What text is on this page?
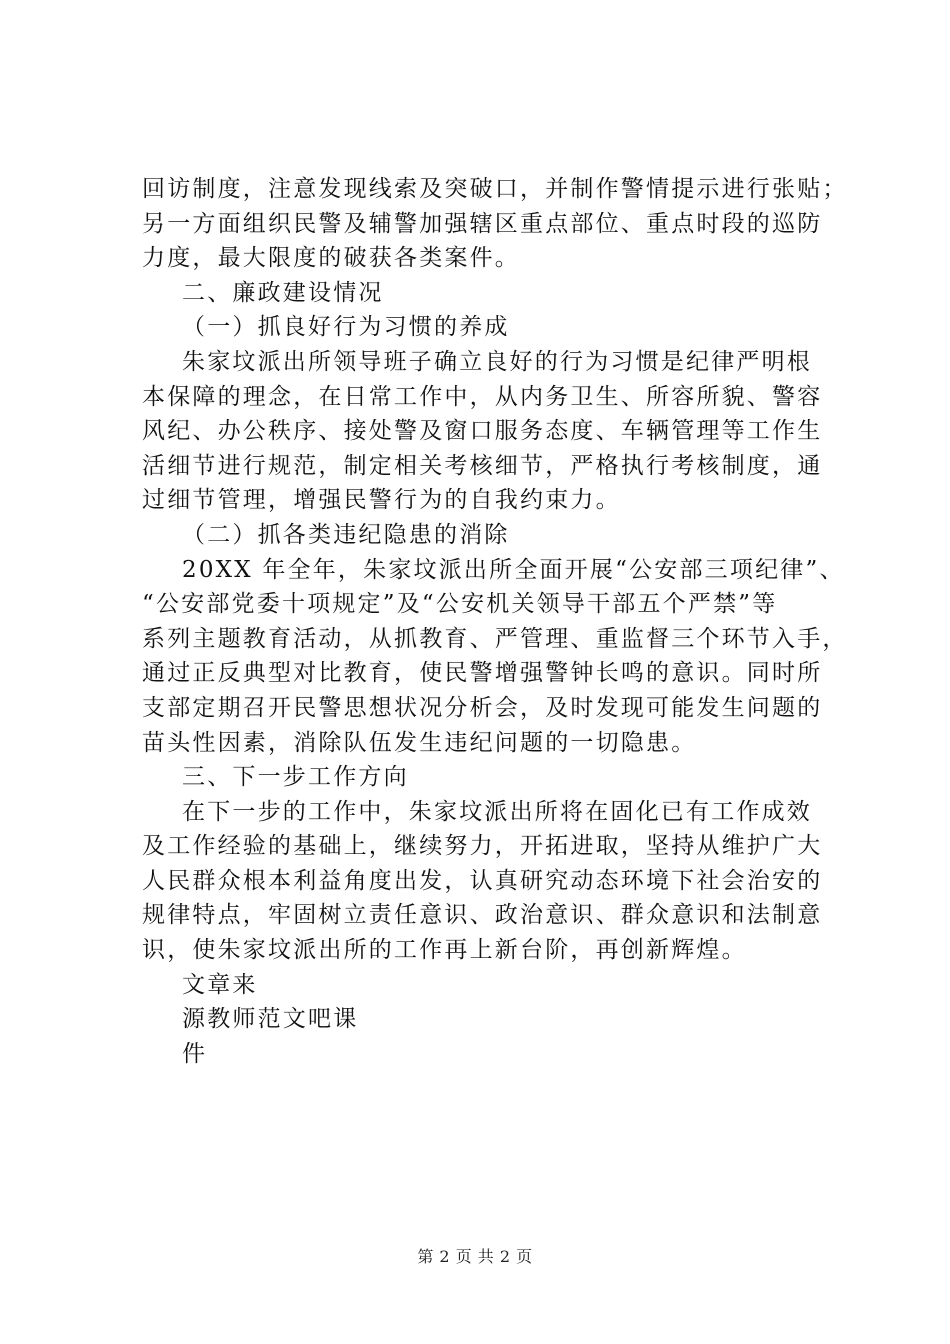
回访制度，注意发现线索及突破口，并制作警情提示进行张贴；
另一方面组织民警及辅警加强辖区重点部位、重点时段的巡防
力度，最大限度的破获各类案件。
二、廉政建设情况
（一）抓良好行为习惯的养成
朱家坟派出所领导班子确立良好的行为习惯是纪律严明根
本保障的理念，在日常工作中，从内务卫生、所容所貌、警容
风纪、办公秩序、接处警及窗口服务态度、车辆管理等工作生
活细节进行规范，制定相关考核细节，严格执行考核制度，通
过细节管理，增强民警行为的自我约束力。
（二）抓各类违纪隐患的消除
20XX 年全年，朱家坟派出所全面开展“公安部三项纪律”、
“公安部党委十项规定”及“公安机关领导干部五个严禁”等
系列主题教育活动，从抓教育、严管理、重监督三个环节入手，
通过正反典型对比教育，使民警增强警钟长鸣的意识。同时所
支部定期召开民警思想状况分析会，及时发现可能发生问题的
苗头性因素，消除队伍发生违纪问题的一切隐患。
三、下一步工作方向
在下一步的工作中，朱家坟派出所将在固化已有工作成效
及工作经验的基础上，继续努力，开拓进取，坚持从维护广大
人民群众根本利益角度出发，认真研究动态环境下社会治安的
规律特点，牢固树立责任意识、政治意识、群众意识和法制意
识，使朱家坟派出所的工作再上新台阶，再创新辉煌。
文章来
源教师范文吧课
件
第 2 页 共 2 页
